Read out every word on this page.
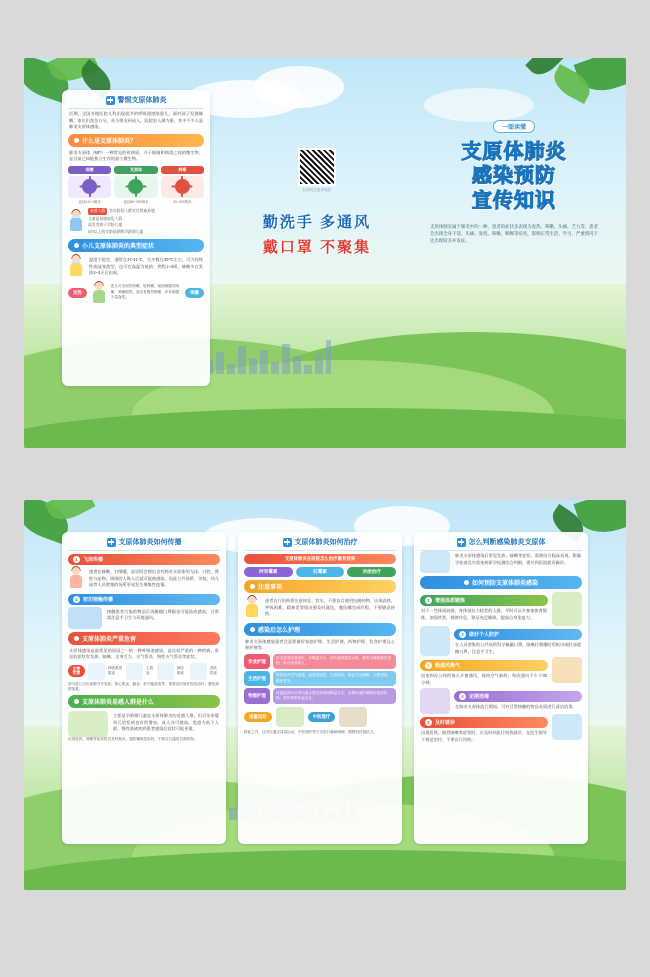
警惕支原体肺炎
近期，全国多地医院儿科出现就多的呼吸道感染患儿，面对孩子发烧咳嗽，家长们焦急万分，从小朋友到成人，医院里人满为患，其中不少人是肺炎支原体感染。
什么是支原体肺炎？
肺炎支原体（MP）一种常见的致病原，介于细菌和病毒之间的微生物，是目前已知能独立生存的最小微生物。
细菌
直径0.5~1微米
支原体
直径50~300纳米
病毒
20~200纳米
易感人群	各年龄段人群对其普遍易感
儿童是易感高危人群
高发发病于学龄儿童
5岁以上的学龄前期和学龄期儿童
小儿支原体肺炎的典型症状
温度不稳定，通常在37-41℃，大多数在39℃左右，可为持续性或弛张热型，也可在高温为低热；热程1~3周，咳嗽多在发热2~3天后出现。
发热
患儿可出现性咳嗽、较咳嗽，顽固刺激性咳嗽，咳嗽剧烈，甚至有剧烈咳嗽，伴有刺激少量血性。
咳嗽
扫码关注更多知识
勤洗手 多通风
戴口罩 不聚集
一图读懂
支原体肺炎
感染预防
宣传知识
支原体肺炎属于肺炎中的一种，患者的症状多表现为发热、咳嗽、头痛、乏力等，患者会出现全身不适、头痛、发烧、咳嗽、咽喉等症状，影响正常生活、学习，严重情况下还出现较多并发症。
支原体肺炎如何传播
1	飞沫传播
患者在咳嗽、打喷嚏、说话时会喷出含有肺炎支原体的飞沫、口腔、鼻腔分泌物，周围的人吸入后就可能被感染，因此公共场所、学校、幼儿园等人员密集的场所更易发生聚集性疫情。
2	密切接触传播
接触患者污染的物品后再触摸口鼻眼也可能造成感染，日常需注意手卫生与环境通风。
支原体肺炎严重危害
支原体感染是最常见的原因之一的一种呼吸道感染，是比较严重的一种疾病，常见的症状有发热、咳嗽、全身乏力、支气管炎、慢性支气管炎等症状。
主要危害
呼吸系统损害
心肌炎
神经系统
皮肤损害
部分患儿可出现肺外并发症，如心肌炎、脑炎、肝功能损害等，需要及时就医规范治疗，避免病情加重。
支原体肺炎易感人群是什么
主要是学龄期儿童是支原体肺炎的易感人群，但近年来婴幼儿的发病也有所增加，成人亦可感染。免疫力低下人群、慢性基础疾病患者感染后症状可能更重。
出现发热、咳嗽等症状时应及时就诊，遵医嘱规范用药，不要自行滥用抗菌药物。
支原体肺炎如何治疗
支原体肺炎在医院怎么治疗最有效果
阿奇霉素	红霉素	对症治疗
注意事项
患者自行用药要注意休息、饮水，不要盲目使用抗菌药物，出现高热、呼吸困难、精神差等情况要及时就医，遵医嘱完成疗程，不要随意停药。
感染后怎么护理
肺炎支原体感染患者注意要做好家庭护理、生活护理、药物护理、饮食护理及心理护理等。
饮食护理
饮食宜清淡易消化，多喝温开水，多吃新鲜蔬菜水果，避免辛辣刺激性食物，保证营养摄入。
生活护理
保持室内空气流通，温湿度适宜，注意休息，保证充足睡眠，衣着适度，避免着凉。
物理护理
体温较高时可采用温水擦浴等物理降温方式，必要时遵医嘱使用退热药物，密切观察体温变化。
适量运动	中医理疗
除此之外，还可以通过适量运动、中医理疗等方式进行辅助调理，增强机体抵抗力。
怎么判断感染肺炎支原体
肺炎支原体感染后常见发热、咳嗽等症状，需要结合临床表现、影像学检查及实验室病原学检测综合判断，建议到医院就诊确诊。
如何预防支原体肺炎感染
1	增强体质锻炼
对于一些体质较弱、身体抵抗力较差的人群，平时可以多参加体育锻炼，加强营养，规律作息，保证充足睡眠，提高自身免疫力。
2	做好个人防护
在人员密集的公共场所科学佩戴口罩，咳嗽打喷嚏时用纸巾或肘部遮掩口鼻，注意手卫生。
3	勤通风换气
居室和办公场所每天开窗通风，保持空气新鲜，每次通风不少于30分钟。
4	定期消毒
在肺炎支原体流行期间，可对日常接触的物品表面进行清洁消毒。
5	及时就诊
出现发热、剧烈咳嗽等症状时，应及时到医疗机构就诊，在医生指导下规范治疗，不要自行用药。
